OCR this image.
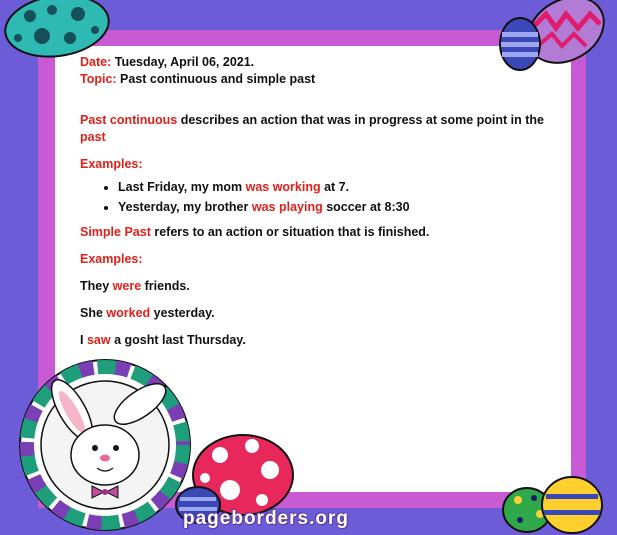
Date: Tuesday, April 06, 2021.

Topic: Past continuous and simple past

Past continuous describes an action that was in progress at some point in the past

Examples:

• Last Friday, my mom was working at 7.
• Yesterday, my brother was playing soccer at 8:30

Simple Past refers to an action or situation that is finished.

Examples:

They were friends.

She worked yesterday.

I saw a gosht last Thursday.

pageborders.org
